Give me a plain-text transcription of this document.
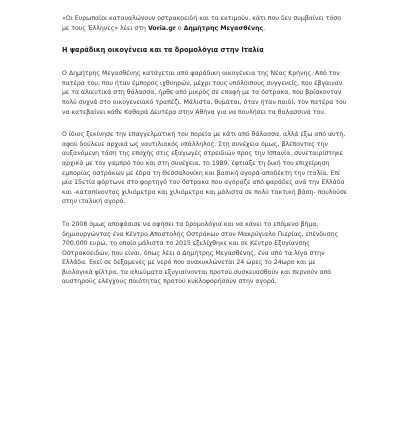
«Οι Ευρωπαίοι καταναλώνουν οστρακοειδή και τα εκτιμούν, κάτι που δεν συμβαίνει τόσο με τους Έλληνες» λέει στη Voria.gr ο Δημήτρης Μεγασθένης.

Η ψαράδικη οικογένεια και τα δρομολόγια στην Ιταλία

Ο Δημήτρης Μεγασθένης κατάγεται από ψαράδικη οικογένεια της Νέας Κρήνης. Από τον πατέρα του, που ήταν έμπορος ιχθυηρών, μέχρι τους υπόλοιπους συγγενείς, που έβγαιναν με τα αλιευτικά στη θάλασσα, ήρθε από μικρός σε επαφή με τα όστρακα, που βρίσκονταν πολύ συχνά στο οικογενειακό τραπέζι. Μάλιστα, θυμάται, όταν ήταν παιδί, τον πατέρα του να κατεβαίνει κάθε Καθαρά Δευτέρα στην Αθήνα για να πουλήσει τα θαλασσινά του.

Ο ίδιος ξεκίνησε την επαγγελματική του πορεία με κάτι από θάλασσα, αλλά έξω από αυτή, αφού δούλευε αρχικά ως ναυτιλιακός υπάλληλος. Στη συνέχεια όμως, βλέποντας την αυξανόμενη τάση της εποχής στις εξαγωγές στρειδιών προς την Ισπανία, συνεταιρίστηκε αρχικά με τον γαμπρό του και στη συνέχεια, το 1989, έφτιαξε τη δική του επιχείρηση εμπορίας οστράκων με έδρα τη Θεσσαλονίκη και βασική αγορά-αποδέκτη την Ιταλία. Επί μία 15ετία φόρτωνε στο φορτηγό του όστρακα που αγόραζε από ψαράδες ανά την Ελλάδα και -καταπίνοντας χιλιόμετρα και χιλιόμετρα και μάλιστα σε πολύ τακτική βάση- πουλούσε στην ιταλική αγορά.

Το 2008 όμως αποφάσισε να αφήσει τα δρομολόγια και να κάνει το επόμενο βήμα, δημιουργώντας ένα Κέντρο Αποστολής Οστράκων στον Μακρύγιαλο Πιερίας, επένδυσης 700.000 ευρώ, το οποίο μάλιστα το 2015 εξελίχθηκε και σε Κέντρο Εξυγίανσης Οστρακοειδών, που είναι, όπως λέει ο Δημήτρης Μεγασθένης, ένα από τα λίγα στην Ελλάδα. Εκεί σε δεξαμενές με νερό που ανακυκλώνεται 24 ώρες το 24ωρο και με βιολογικά φίλτρα, τα αλιεύματα εξυγιαίνονται προτού συσκευασθούν και περνούν από αυστηρούς ελέγχους ποιότητας προτού κυκλοφορήσουν στην αγορά.
